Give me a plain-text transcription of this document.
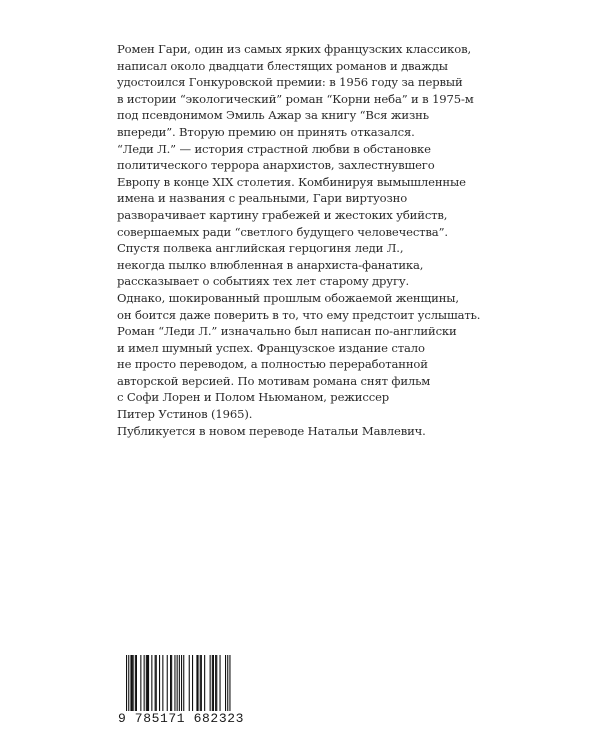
Ромен Гари, один из самых ярких французских классиков,
написал около двадцати блестящих романов и дважды
удостоился Гонкуровской премии: в 1956 году за первый
в истории “экологический” роман “Корни неба” и в 1975-м
под псевдонимом Эмиль Ажар за книгу “Вся жизнь
впереди”. Вторую премию он принять отказался.
“Леди Л.” — история страстной любви в обстановке
политического террора анархистов, захлестнувшего
Европу в конце XIX столетия. Комбинируя вымышленные
имена и названия с реальными, Гари виртуозно
разворачивает картину грабежей и жестоких убийств,
совершаемых ради “светлого будущего человечества”.
Спустя полвека английская герцогиня леди Л.,
некогда пылко влюбленная в анархиста-фанатика,
рассказывает о событиях тех лет старому другу.
Однако, шокированный прошлым обожаемой женщины,
он боится даже поверить в то, что ему предстоит услышать.
Роман “Леди Л.” изначально был написан по-английски
и имел шумный успех. Французское издание стало
не просто переводом, а полностью переработанной
авторской версией. По мотивам романа снят фильм
с Софи Лорен и Полом Ньюманом, режиссер
Питер Устинов (1965).
Публикуется в новом переводе Натальи Мавлевич.
9 785171 682323
